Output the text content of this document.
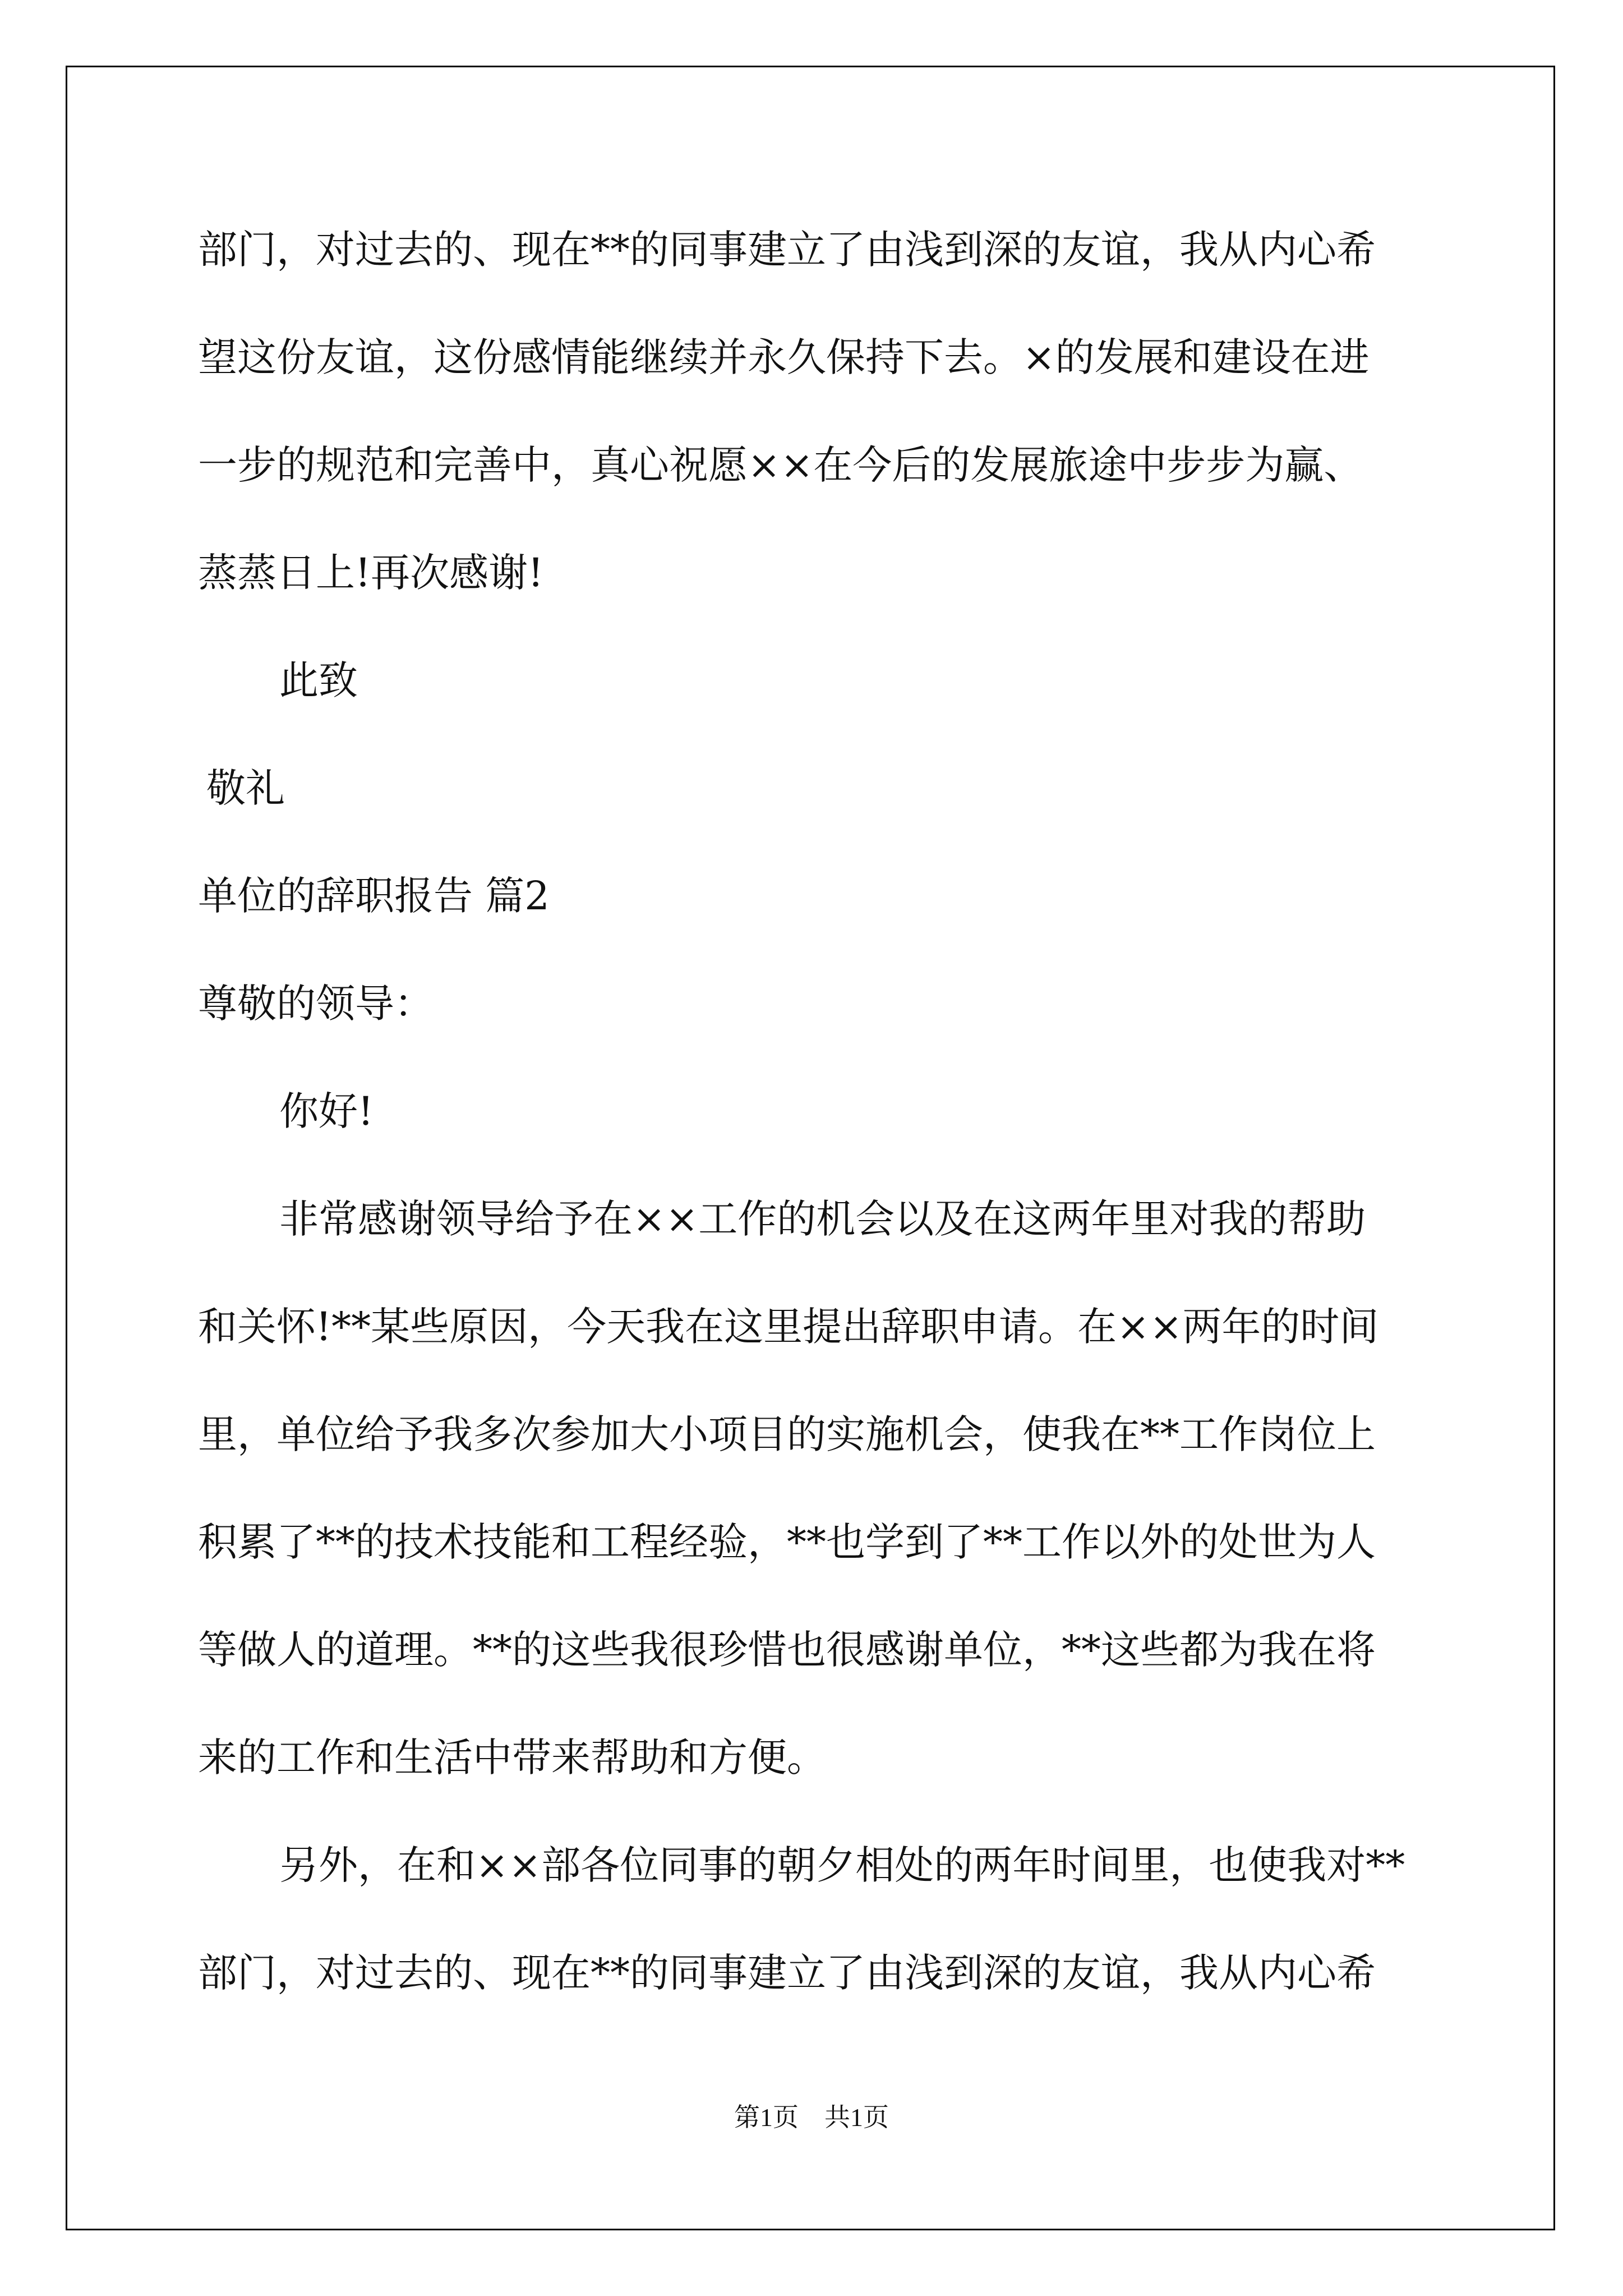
部门，对过去的、现在**的同事建立了由浅到深的友谊，我从内心希

望这份友谊，这份感情能继续并永久保持下去。×的发展和建设在进

一步的规范和完善中，真心祝愿××在今后的发展旅途中步步为赢、

蒸蒸日上!再次感谢!

此致

敬礼

单位的辞职报告 篇2

尊敬的领导：

你好!

非常感谢领导给予在××工作的机会以及在这两年里对我的帮助

和关怀!**某些原因，今天我在这里提出辞职申请。在××两年的时间

里，单位给予我多次参加大小项目的实施机会，使我在**工作岗位上

积累了**的技术技能和工程经验，**也学到了**工作以外的处世为人

等做人的道理。**的这些我很珍惜也很感谢单位，**这些都为我在将

来的工作和生活中带来帮助和方便。

另外，在和××部各位同事的朝夕相处的两年时间里，也使我对**

部门，对过去的、现在**的同事建立了由浅到深的友谊，我从内心希

第1页　共1页
